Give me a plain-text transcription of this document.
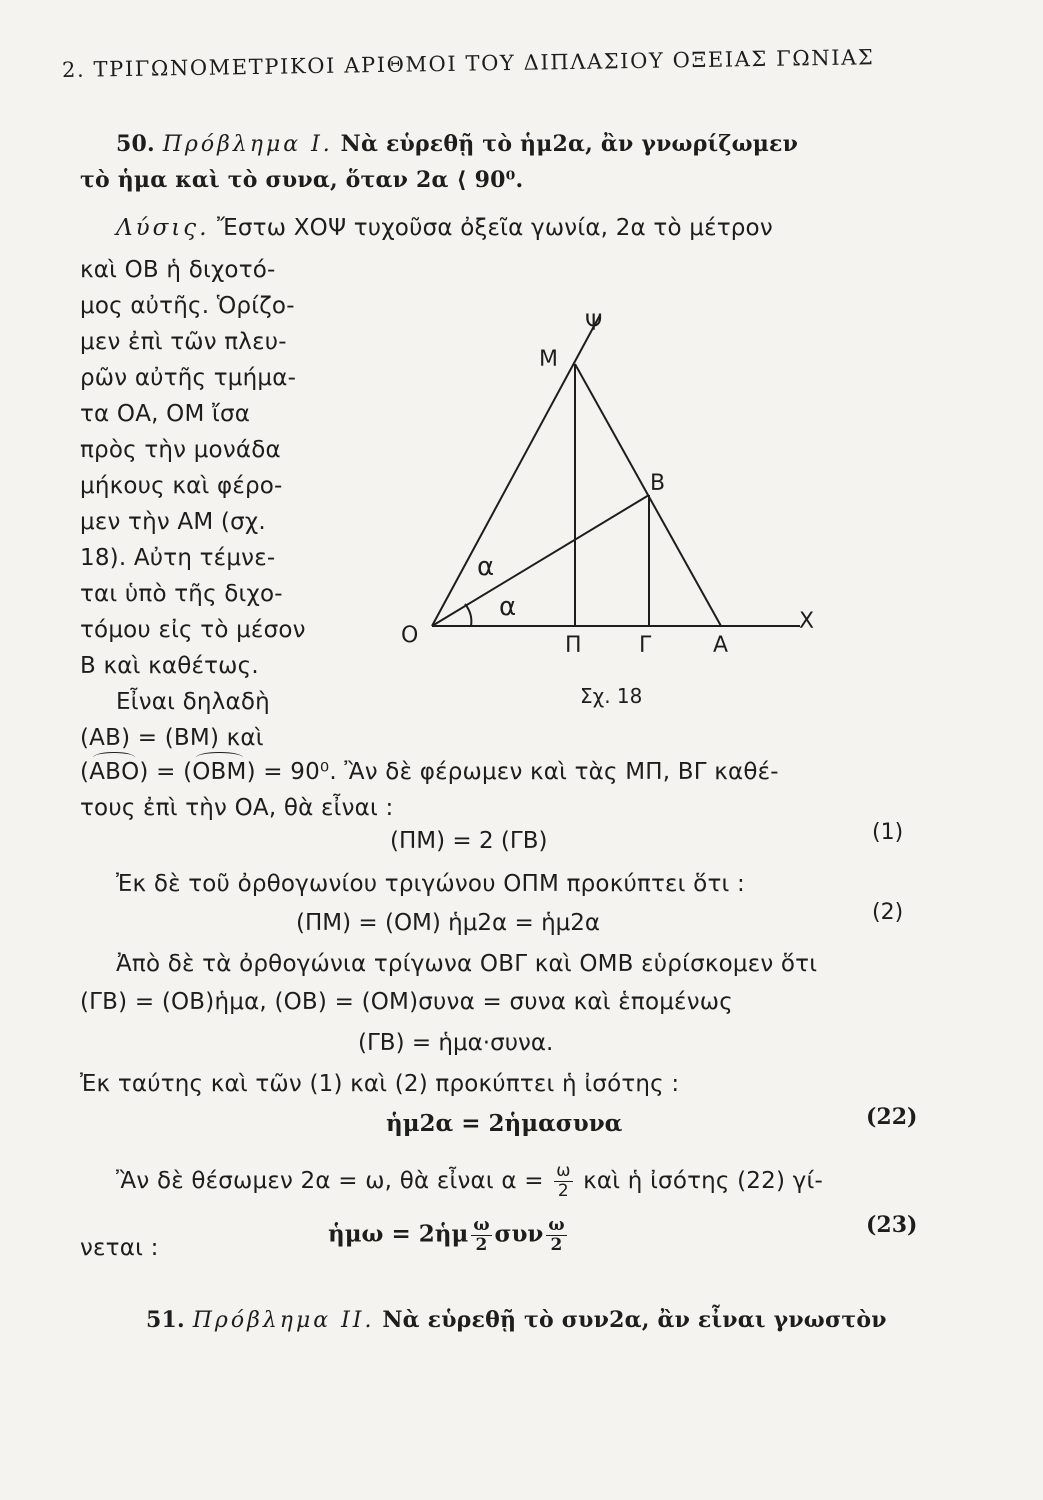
2. ΤΡΙΓΩΝΟΜΕΤΡΙΚΟΙ ΑΡΙΘΜΟΙ ΤΟΥ ΔΙΠΛΑΣΙΟΥ ΟΞΕΙΑΣ ΓΩΝΙΑΣ
50. Πρόβλημα I. Νὰ εὑρεθῇ τὸ ἡμ2α, ἂν γνωρίζωμεν
τὸ ἡμα καὶ τὸ συνα, ὅταν 2α ⟨ 90⁰.
Λύσις. Ἔστω ΧΟΨ τυχοῦσα ὀξεῖα γωνία, 2α τὸ μέτρον
καὶ ΟΒ ἡ διχοτό-
μος αὐτῆς. Ὁρίζο-
μεν ἐπὶ τῶν πλευ-
ρῶν αὐτῆς τμήμα-
τα ΟΑ, ΟΜ ἴσα
πρὸς τὴν μονάδα
μήκους καὶ φέρο-
μεν τὴν ΑΜ (σχ.
18). Αὐτη τέμνε-
ται ὑπὸ τῆς διχο-
τόμου εἰς τὸ μέσον
Β καὶ καθέτως.
Εἶναι δηλαδὴ
(ΑΒ) = (ΒΜ) καὶ
Ψ
Μ
Β
α
α
Ο	Π	Γ	Α
Χ
Σχ. 18
(ΑΒΟ) = (ΟΒΜ) = 90⁰. Ἂν δὲ φέρωμεν καὶ τὰς ΜΠ, ΒΓ καθέ-
τους ἐπὶ τὴν ΟΑ, θὰ εἶναι :
(ΠΜ) = 2 (ΓΒ)	(1)
Ἐκ δὲ τοῦ ὀρθογωνίου τριγώνου ΟΠΜ προκύπτει ὅτι :
(ΠΜ) = (ΟΜ) ἡμ2α = ἡμ2α	(2)
Ἀπὸ δὲ τὰ ὀρθογώνια τρίγωνα ΟΒΓ καὶ ΟΜΒ εὑρίσκομεν ὅτι
(ΓΒ) = (ΟΒ)ἡμα, (ΟΒ) = (ΟΜ)συνα = συνα καὶ ἑπομένως
(ΓΒ) = ἡμα·συνα.
Ἐκ ταύτης καὶ τῶν (1) καὶ (2) προκύπτει ἡ ἰσότης :
ἡμ2α = 2ἡμασυνα	(22)
Ἂν δὲ θέσωμεν 2α = ω, θὰ εἶναι $\alpha = \frac{\omega}{2}$ καὶ ἡ ἰσότης (22) γί-
νεται :
ἡμω = 2ἡμ $\frac{\omega}{2}$ συν $\frac{\omega}{2}$	(23)
51. Πρόβλημα II. Νὰ εὑρεθῇ τὸ συν2α, ἂν εἶναι γνωστὸν
